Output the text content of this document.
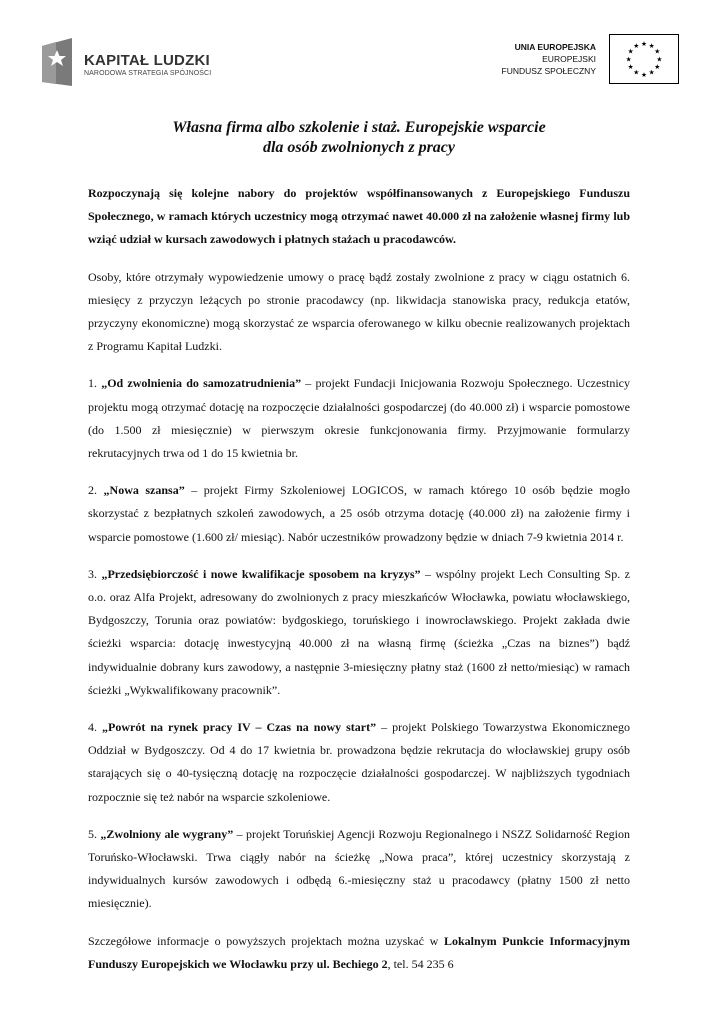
KAPITAŁ LUDZKI
NARODOWA STRATEGIA SPÓJNOŚCI
UNIA EUROPEJSKA
EUROPEJSKI
FUNDUSZ SPOŁECZNY
★ ★
★
★
★
★
★
★
★
★
★
★
Własna firma albo szkolenie i staż. Europejskie wsparcie
dla osób zwolnionych z pracy

Rozpoczynają się kolejne nabory do projektów współfinansowanych z Europejskiego Funduszu Społecznego, w ramach których uczestnicy mogą otrzymać nawet 40.000 zł na założenie własnej firmy lub wziąć udział w kursach zawodowych i płatnych stażach u pracodawców.

Osoby, które otrzymały wypowiedzenie umowy o pracę bądź zostały zwolnione z pracy w ciągu ostatnich 6. miesięcy z przyczyn leżących po stronie pracodawcy (np. likwidacja stanowiska pracy, redukcja etatów, przyczyny ekonomiczne) mogą skorzystać ze wsparcia oferowanego w kilku obecnie realizowanych projektach z Programu Kapitał Ludzki.

1. „Od zwolnienia do samozatrudnienia” – projekt Fundacji Inicjowania Rozwoju Społecznego. Uczestnicy projektu mogą otrzymać dotację na rozpoczęcie działalności gospodarczej (do 40.000 zł) i wsparcie pomostowe (do 1.500 zł miesięcznie) w pierwszym okresie funkcjonowania firmy. Przyjmowanie formularzy rekrutacyjnych trwa od 1 do 15 kwietnia br.

2. „Nowa szansa” – projekt Firmy Szkoleniowej LOGICOS, w ramach którego 10 osób będzie mogło skorzystać z bezpłatnych szkoleń zawodowych, a 25 osób otrzyma dotację (40.000 zł) na założenie firmy i wsparcie pomostowe (1.600 zł/ miesiąc). Nabór uczestników prowadzony będzie w dniach 7-9 kwietnia 2014 r.

3. „Przedsiębiorczość i nowe kwalifikacje sposobem na kryzys” – wspólny projekt Lech Consulting Sp. z o.o. oraz Alfa Projekt, adresowany do zwolnionych z pracy mieszkańców Włocławka, powiatu włocławskiego, Bydgoszczy, Torunia oraz powiatów: bydgoskiego, toruńskiego i inowrocławskiego. Projekt zakłada dwie ścieżki wsparcia: dotację inwestycyjną 40.000 zł na własną firmę (ścieżka „Czas na biznes”) bądź indywidualnie dobrany kurs zawodowy, a następnie 3-miesięczny płatny staż (1600 zł netto/miesiąc) w ramach ścieżki „Wykwalifikowany pracownik”.

4. „Powrót na rynek pracy IV – Czas na nowy start” – projekt Polskiego Towarzystwa Ekonomicznego Oddział w Bydgoszczy. Od 4 do 17 kwietnia br. prowadzona będzie rekrutacja do włocławskiej grupy osób starających się o 40-tysięczną dotację na rozpoczęcie działalności gospodarczej. W najbliższych tygodniach rozpocznie się też nabór na wsparcie szkoleniowe.

5. „Zwolniony ale wygrany” – projekt Toruńskiej Agencji Rozwoju Regionalnego i NSZZ Solidarność Region Toruńsko-Włocławski. Trwa ciągły nabór na ścieżkę „Nowa praca”, której uczestnicy skorzystają z indywidualnych kursów zawodowych i odbędą 6.-miesięczny staż u pracodawcy (płatny 1500 zł netto miesięcznie).

Szczegółowe informacje o powyższych projektach można uzyskać w Lokalnym Punkcie Informacyjnym Funduszy Europejskich we Włocławku przy ul. Bechiego 2, tel. 54 235 6
